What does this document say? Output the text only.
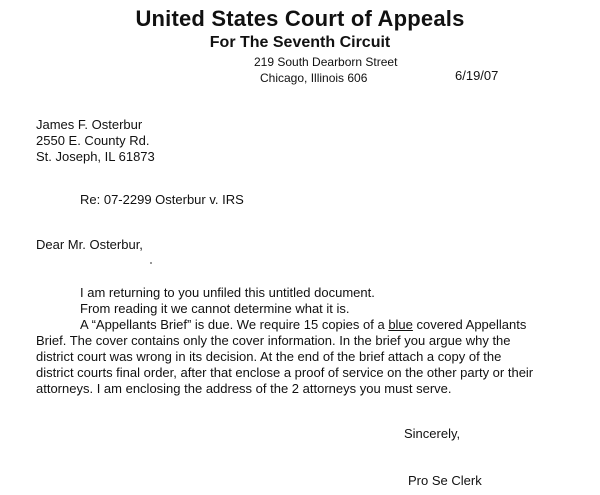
United States Court of Appeals
For The Seventh Circuit
219 South Dearborn Street
Chicago, Illinois 606	6/19/07
James F. Osterbur
2550 E. County Rd.
St. Joseph, IL 61873
Re: 07-2299 Osterbur v. IRS
Dear Mr. Osterbur,
I am returning to you unfiled this untitled document.
From reading it we cannot determine what it is.
A “Appellants Brief” is due. We require 15 copies of a blue covered Appellants
Brief. The cover contains only the cover information. In the brief you argue why the
district court was wrong in its decision. At the end of the brief attach a copy of the
district courts final order, after that enclose a proof of service on the other party or their
attorneys. I am enclosing the address of the 2 attorneys you must serve.
Sincerely,
Pro Se Clerk
